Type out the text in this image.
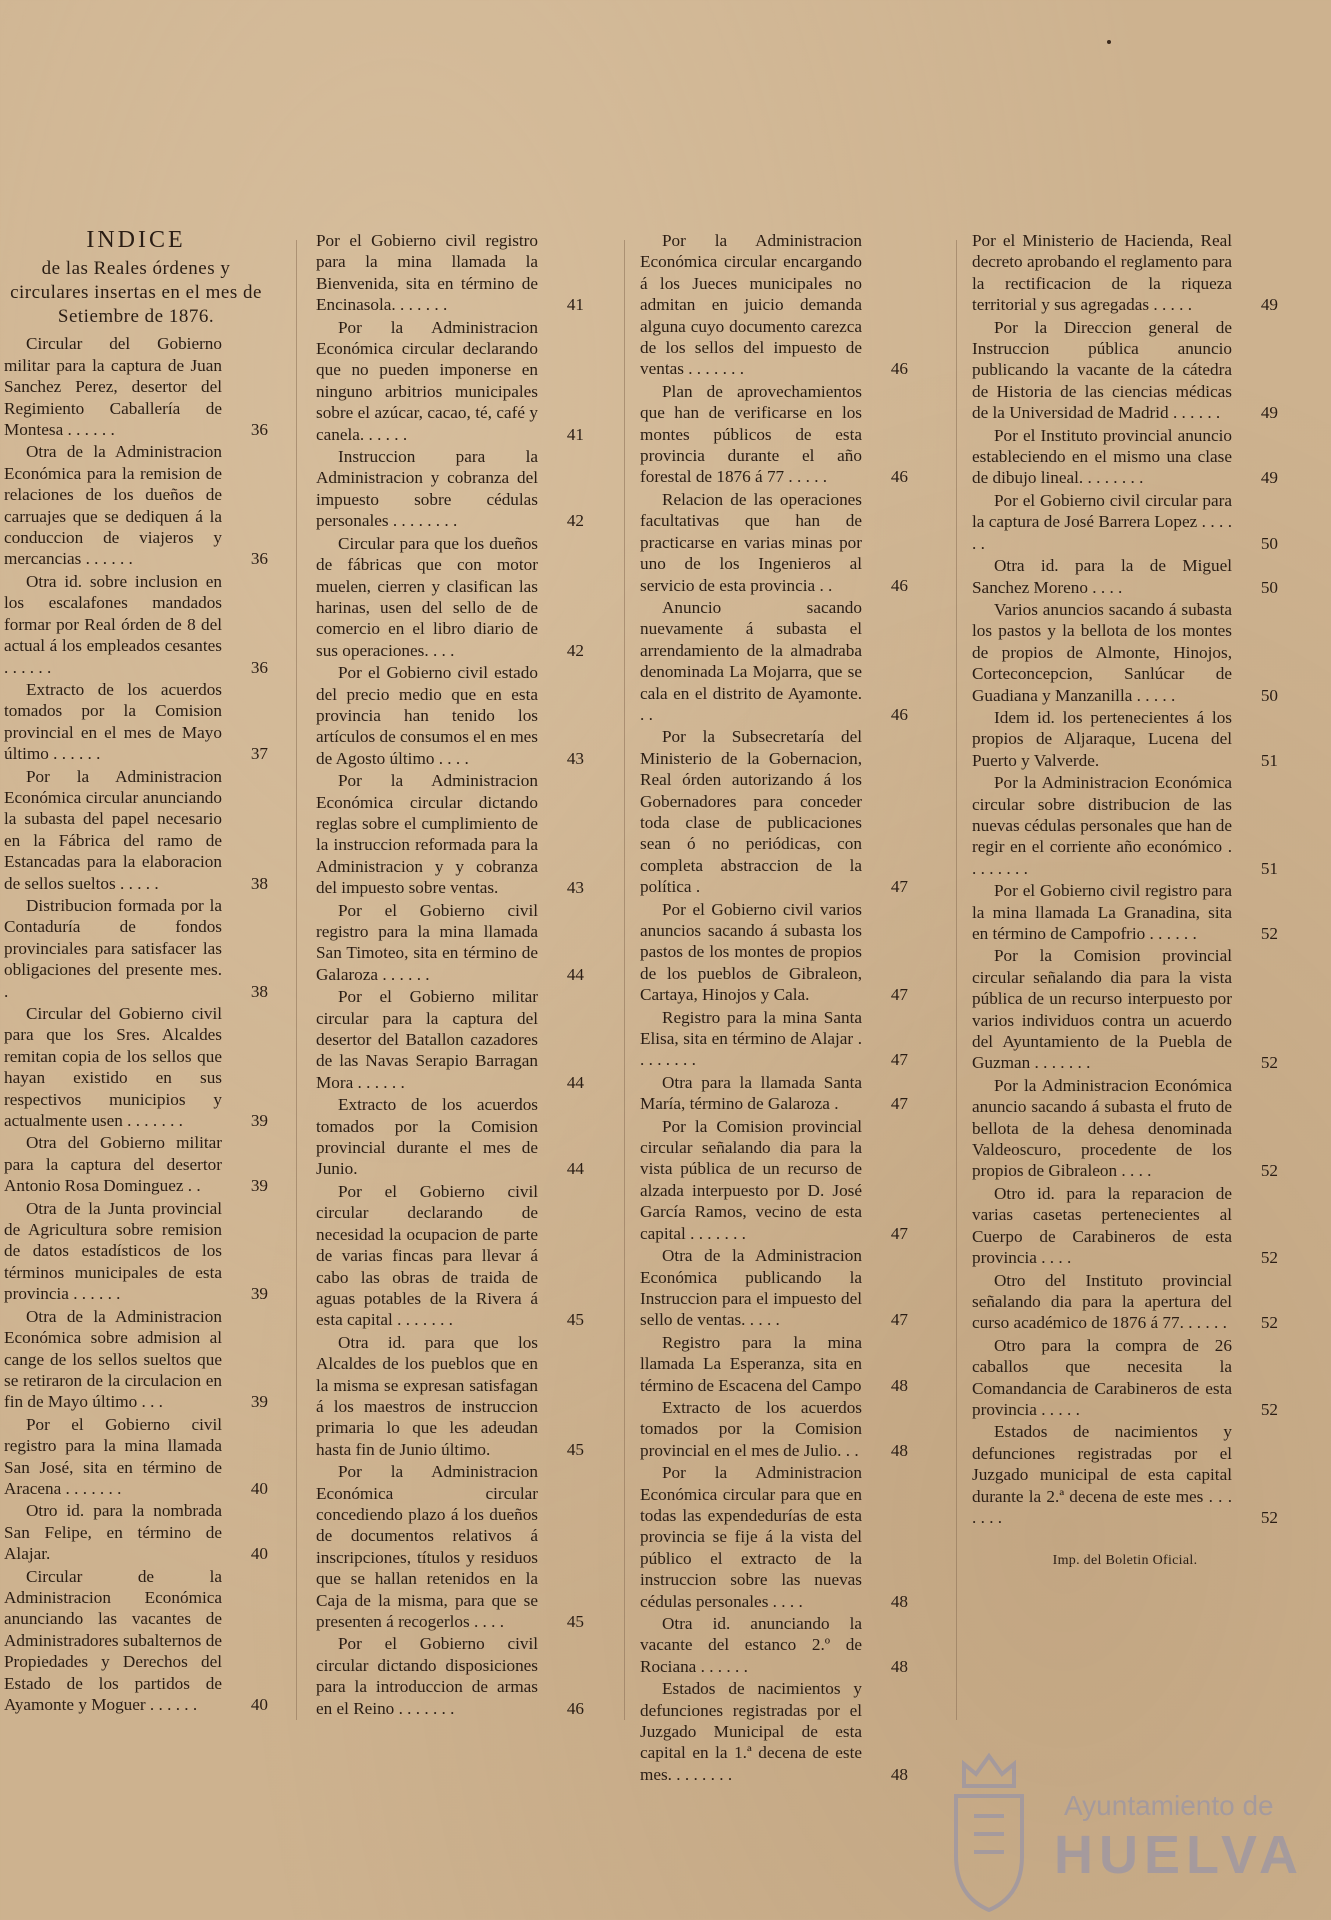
INDICE
de las Reales órdenes y circulares insertas en el mes de Setiembre de 1876.
Circular del Gobierno militar para la captura de Juan Sanchez Perez, desertor del Regimiento Caballería de Montesa . . . . . .	36
Otra de la Administracion Económica para la remision de relaciones de los dueños de carruajes que se dediquen á la conduccion de viajeros y mercancias . . . . . .	36
Otra id. sobre inclusion en los escalafones mandados formar por Real órden de 8 del actual á los empleados cesantes . . . . . .	36
Extracto de los acuerdos tomados por la Comision provincial en el mes de Mayo último . . . . . .	37
Por la Administracion Económica circular anunciando la subasta del papel necesario en la Fábrica del ramo de Estancadas para la elaboracion de sellos sueltos . . . . .	38
Distribucion formada por la Contaduría de fondos provinciales para satisfacer las obligaciones del presente mes. .	38
Circular del Gobierno civil para que los Sres. Alcaldes remitan copia de los sellos que hayan existido en sus respectivos municipios y actualmente usen . . . . . . .	39
Otra del Gobierno militar para la captura del desertor Antonio Rosa Dominguez . .	39
Otra de la Junta provincial de Agricultura sobre remision de datos estadísticos de los términos municipales de esta provincia . . . . . .	39
Otra de la Administracion Económica sobre admision al cange de los sellos sueltos que se retiraron de la circulacion en fin de Mayo último . . .	39
Por el Gobierno civil registro para la mina llamada San José, sita en término de Aracena . . . . . . .	40
Otro id. para la nombrada San Felipe, en término de Alajar.	40
Circular de la Administracion Económica anunciando las vacantes de Administradores subalternos de Propiedades y Derechos del Estado de los partidos de Ayamonte y Moguer . . . . . .	40
Por el Gobierno civil registro para la mina llamada la Bienvenida, sita en término de Encinasola. . . . . . .	41
Por la Administracion Económica circular declarando que no pueden imponerse en ninguno arbitrios municipales sobre el azúcar, cacao, té, café y canela. . . . . .	41
Instruccion para la Administracion y cobranza del impuesto sobre cédulas personales . . . . . . . .	42
Circular para que los dueños de fábricas que con motor muelen, cierren y clasifican las harinas, usen del sello de de comercio en el libro diario de sus operaciones. . . .	42
Por el Gobierno civil estado del precio medio que en esta provincia han tenido los artículos de consumos el en mes de Agosto último . . . .	43
Por la Administracion Económica circular dictando reglas sobre el cumplimiento de la instruccion reformada para la Administracion y y cobranza del impuesto sobre ventas.	43
Por el Gobierno civil registro para la mina llamada San Timoteo, sita en término de Galaroza . . . . . .	44
Por el Gobierno militar circular para la captura del desertor del Batallon cazadores de las Navas Serapio Barragan Mora . . . . . .	44
Extracto de los acuerdos tomados por la Comision provincial durante el mes de Junio.	44
Por el Gobierno civil circular declarando de necesidad la ocupacion de parte de varias fincas para llevar á cabo las obras de traida de aguas potables de la Rivera á esta capital . . . . . . .	45
Otra id. para que los Alcaldes de los pueblos que en la misma se expresan satisfagan á los maestros de instruccion primaria lo que les adeudan hasta fin de Junio último.	45
Por la Administracion Económica circular concediendo plazo á los dueños de documentos relativos á inscripciones, títulos y residuos que se hallan retenidos en la Caja de la misma, para que se presenten á recogerlos . . . .	45
Por el Gobierno civil circular dictando disposiciones para la introduccion de armas en el Reino . . . . . . .	46
Por la Administracion Económica circular encargando á los Jueces municipales no admitan en juicio demanda alguna cuyo documento carezca de los sellos del impuesto de ventas . . . . . . .	46
Plan de aprovechamientos que han de verificarse en los montes públicos de esta provincia durante el año forestal de 1876 á 77 . . . . .	46
Relacion de las operaciones facultativas que han de practicarse en varias minas por uno de los Ingenieros al servicio de esta provincia . .	46
Anuncio sacando nuevamente á subasta el arrendamiento de la almadraba denominada La Mojarra, que se cala en el distrito de Ayamonte. . .	46
Por la Subsecretaría del Ministerio de la Gobernacion, Real órden autorizando á los Gobernadores para conceder toda clase de publicaciones sean ó no periódicas, con completa abstraccion de la política .	47
Por el Gobierno civil varios anuncios sacando á subasta los pastos de los montes de propios de los pueblos de Gibraleon, Cartaya, Hinojos y Cala.	47
Registro para la mina Santa Elisa, sita en término de Alajar . . . . . . . .	47
Otra para la llamada Santa María, término de Galaroza .	47
Por la Comision provincial circular señalando dia para la vista pública de un recurso de alzada interpuesto por D. José García Ramos, vecino de esta capital . . . . . . .	47
Otra de la Administracion Económica publicando la Instruccion para el impuesto del sello de ventas. . . . .	47
Registro para la mina llamada La Esperanza, sita en término de Escacena del Campo	48
Extracto de los acuerdos tomados por la Comision provincial en el mes de Julio. . .	48
Por la Administracion Económica circular para que en todas las expendedurías de esta provincia se fije á la vista del público el extracto de la instruccion sobre las nuevas cédulas personales . . . .	48
Otra id. anunciando la vacante del estanco 2.º de Rociana . . . . . .	48
Estados de nacimientos y defunciones registradas por el Juzgado Municipal de esta capital en la 1.ª decena de este mes. . . . . . . .	48
Por el Ministerio de Hacienda, Real decreto aprobando el reglamento para la rectificacion de la riqueza territorial y sus agregadas . . . . .	49
Por la Direccion general de Instruccion pública anuncio publicando la vacante de la cátedra de Historia de las ciencias médicas de la Universidad de Madrid . . . . . .	49
Por el Instituto provincial anuncio estableciendo en el mismo una clase de dibujo lineal. . . . . . . .	49
Por el Gobierno civil circular para la captura de José Barrera Lopez . . . . . .	50
Otra id. para la de Miguel Sanchez Moreno . . . .	50
Varios anuncios sacando á subasta los pastos y la bellota de los montes de propios de Almonte, Hinojos, Corteconcepcion, Sanlúcar de Guadiana y Manzanilla . . . . .	50
Idem id. los pertenecientes á los propios de Aljaraque, Lucena del Puerto y Valverde.	51
Por la Administracion Económica circular sobre distribucion de las nuevas cédulas personales que han de regir en el corriente año económico . . . . . . . .	51
Por el Gobierno civil registro para la mina llamada La Granadina, sita en término de Campofrio . . . . . .	52
Por la Comision provincial circular señalando dia para la vista pública de un recurso interpuesto por varios individuos contra un acuerdo del Ayuntamiento de la Puebla de Guzman . . . . . . .	52
Por la Administracion Económica anuncio sacando á subasta el fruto de bellota de la dehesa denominada Valdeoscuro, procedente de los propios de Gibraleon . . . .	52
Otro id. para la reparacion de varias casetas pertenecientes al Cuerpo de Carabineros de esta provincia . . . .	52
Otro del Instituto provincial señalando dia para la apertura del curso académico de 1876 á 77. . . . . .	52
Otro para la compra de 26 caballos que necesita la Comandancia de Carabineros de esta provincia . . . . .	52
Estados de nacimientos y defunciones registradas por el Juzgado municipal de esta capital durante la 2.ª decena de este mes . . . . . . .	52
Imp. del Boletin Oficial.
Ayuntamiento de
HUELVA
